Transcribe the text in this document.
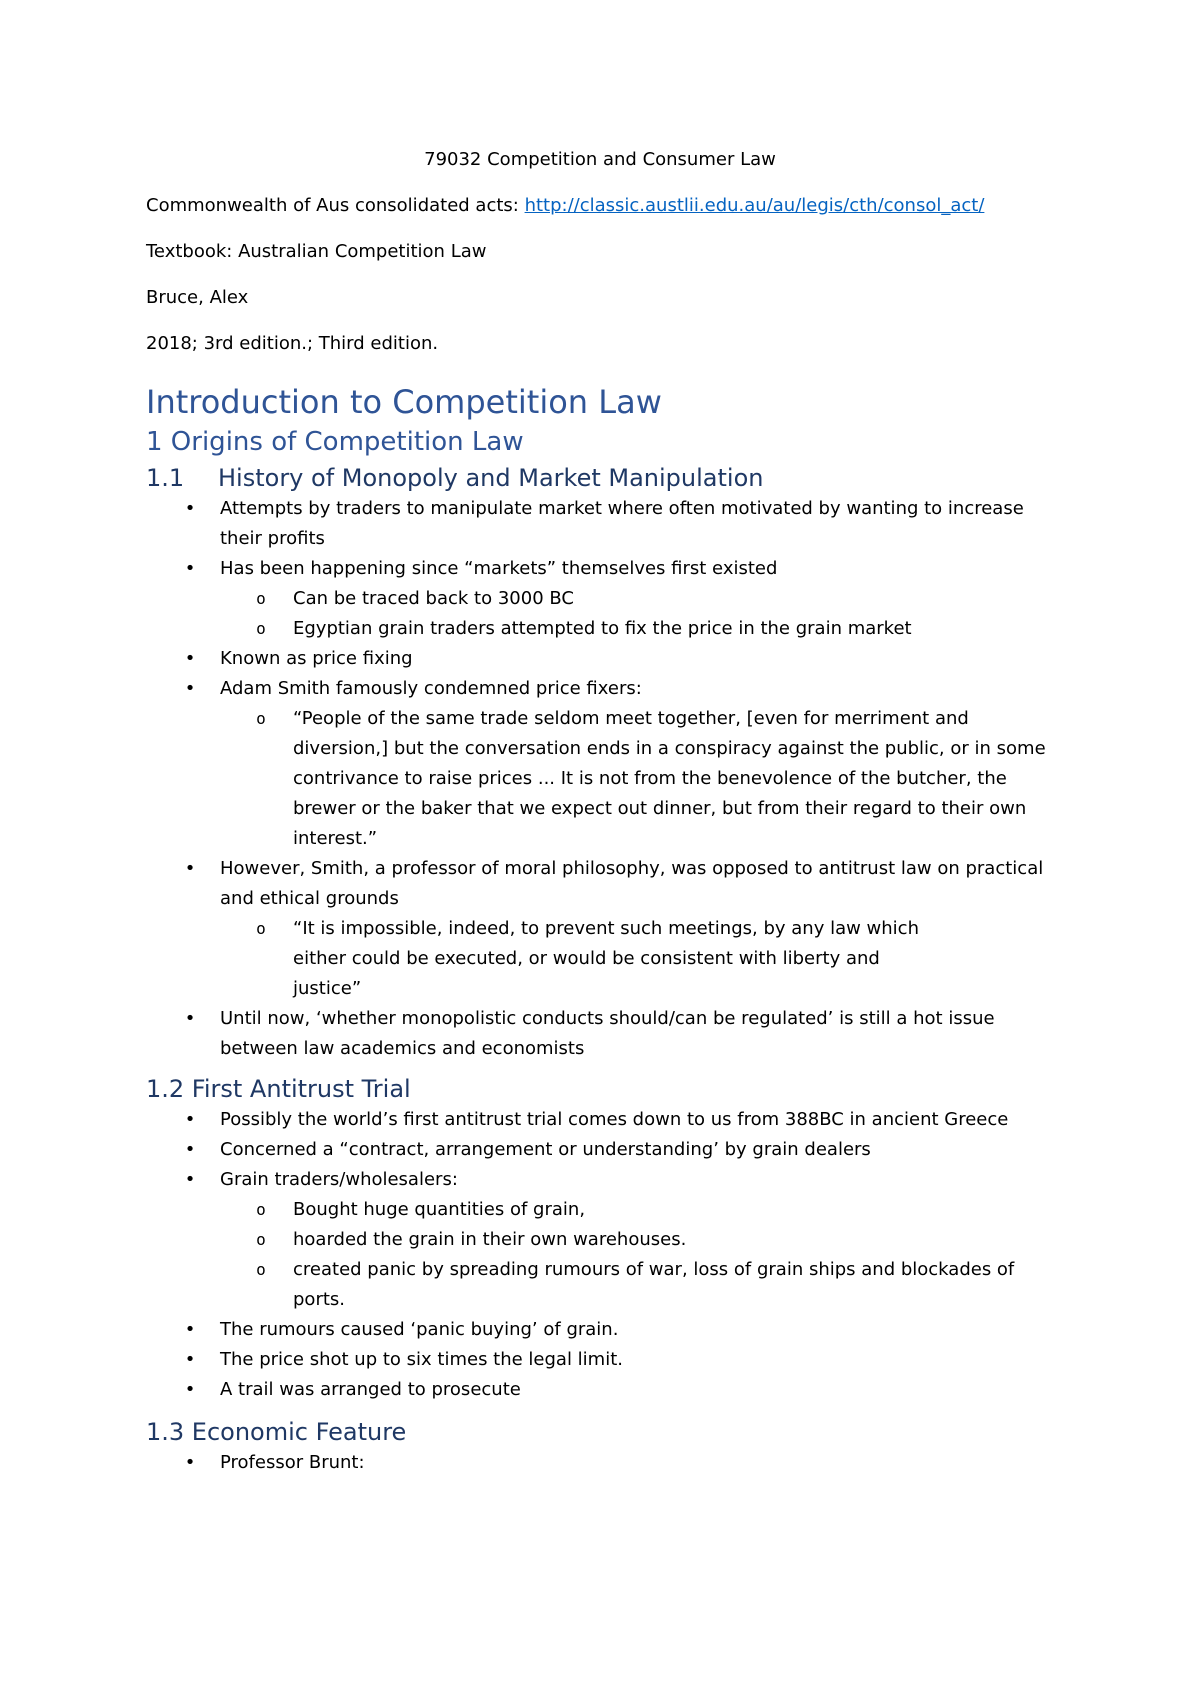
79032 Competition and Consumer Law
Commonwealth of Aus consolidated acts: http://classic.austlii.edu.au/au/legis/cth/consol_act/
Textbook: Australian Competition Law
Bruce, Alex
2018; 3rd edition.; Third edition.
Introduction to Competition Law
1 Origins of Competition Law
1.1 History of Monopoly and Market Manipulation
• Attempts by traders to manipulate market where often motivated by wanting to increase
their profits
• Has been happening since “markets” themselves first existed
o Can be traced back to 3000 BC
o Egyptian grain traders attempted to fix the price in the grain market
• Known as price fixing
• Adam Smith famously condemned price fixers:
o “People of the same trade seldom meet together, [even for merriment and
diversion,] but the conversation ends in a conspiracy against the public, or in some
contrivance to raise prices ... It is not from the benevolence of the butcher, the
brewer or the baker that we expect out dinner, but from their regard to their own
interest.”
• However, Smith, a professor of moral philosophy, was opposed to antitrust law on practical
and ethical grounds
o “It is impossible, indeed, to prevent such meetings, by any law which
either could be executed, or would be consistent with liberty and
justice”
• Until now, ‘whether monopolistic conducts should/can be regulated’ is still a hot issue
between law academics and economists
1.2 First Antitrust Trial
• Possibly the world’s first antitrust trial comes down to us from 388BC in ancient Greece
• Concerned a “contract, arrangement or understanding’ by grain dealers
• Grain traders/wholesalers:
o Bought huge quantities of grain,
o hoarded the grain in their own warehouses.
o created panic by spreading rumours of war, loss of grain ships and blockades of
ports.
• The rumours caused ‘panic buying’ of grain.
• The price shot up to six times the legal limit.
• A trail was arranged to prosecute
1.3 Economic Feature
• Professor Brunt:
